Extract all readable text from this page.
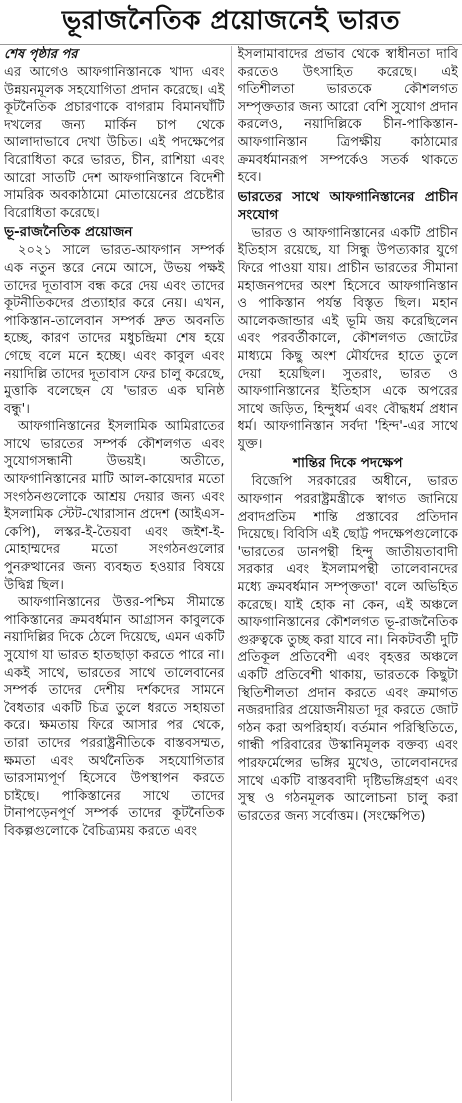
ভূরাজনৈতিক প্রয়োজনেই ভারত
শেষ পৃষ্ঠার পর

এর আগেও আফগানিস্তানকে খাদ্য এবং উন্নয়নমূলক সহযোগিতা প্রদান করেছে। এই কূটনৈতিক প্রচারণাকে বাগরাম বিমানঘাঁটি দখলের জন্য মার্কিন চাপ থেকে আলাদাভাবে দেখা উচিত। এই পদক্ষেপের বিরোধিতা করে ভারত, চীন, রাশিয়া এবং আরো সাতটি দেশ আফগানিস্তানে বিদেশী সামরিক অবকাঠামো মোতায়েনের প্রচেষ্টার বিরোধিতা করেছে।

ভূ-রাজনৈতিক প্রয়োজন

২০২১ সালে ভারত-আফগান সম্পর্ক এক নতুন স্তরে নেমে আসে, উভয় পক্ষই তাদের দূতাবাস বন্ধ করে দেয় এবং তাদের কূটনীতিকদের প্রত্যাহার করে নেয়। এখন, পাকিস্তান-তালেবান সম্পর্ক দ্রুত অবনতি হচ্ছে, কারণ তাদের মধুচন্দ্রিমা শেষ হয়ে গেছে বলে মনে হচ্ছে। এবং কাবুল এবং নয়াদিল্লি তাদের দূতাবাস ফের চালু করেছে, মুত্তাকি বলেছেন যে 'ভারত এক ঘনিষ্ঠ বন্ধু'।

আফগানিস্তানের ইসলামিক আমিরাতের সাথে ভারতের সম্পর্ক কৌশলগত এবং সুযোগসন্ধানী উভয়ই। অতীতে, আফগানিস্তানের মাটি আল-কায়েদার মতো সংগঠনগুলোকে আশ্রয় দেয়ার জন্য এবং ইসলামিক স্টেট-খোরাসান প্রদেশ (আইএস-কেপি), লস্কর-ই-তৈয়বা এবং জইশ-ই-মোহাম্মদের মতো সংগঠনগুলোর পুনরুত্থানের জন্য ব্যবহৃত হওয়ার বিষয়ে উদ্বিগ্ন ছিল।

আফগানিস্তানের উত্তর-পশ্চিম সীমান্তে পাকিস্তানের ক্রমবর্ধমান আগ্রাসন কাবুলকে নয়াদিল্লির দিকে ঠেলে দিয়েছে, এমন একটি সুযোগ যা ভারত হাতছাড়া করতে পারে না। একই সাথে, ভারতের সাথে তালেবানের সম্পর্ক তাদের দেশীয় দর্শকদের সামনে বৈধতার একটি চিত্র তুলে ধরতে সহায়তা করে। ক্ষমতায় ফিরে আসার পর থেকে, তারা তাদের পররাষ্ট্রনীতিকে বাস্তবসম্মত, ক্ষমতা এবং অর্থনৈতিক সহযোগিতার ভারসাম্যপূর্ণ হিসেবে উপস্থাপন করতে চাইছে। পাকিস্তানের সাথে তাদের টানাপড়েনপূর্ণ সম্পর্ক তাদের কূটনৈতিক বিকল্পগুলোকে বৈচিত্র্যময় করতে এবং

ইসলামাবাদের প্রভাব থেকে স্বাধীনতা দাবি করতেও উৎসাহিত করেছে। এই গতিশীলতা ভারতকে কৌশলগত সম্পৃক্ততার জন্য আরো বেশি সুযোগ প্রদান করলেও, নয়াদিল্লিকে চীন-পাকিস্তান-আফগানিস্তান ত্রিপক্ষীয় কাঠামোর ক্রমবর্ধমানরূপ সম্পর্কেও সতর্ক থাকতে হবে।

ভারতের সাথে আফগানিস্তানের প্রাচীন সংযোগ

ভারত ও আফগানিস্তানের একটি প্রাচীন ইতিহাস রয়েছে, যা সিন্ধু উপত্যকার যুগে ফিরে পাওয়া যায়। প্রাচীন ভারতের সীমানা মহাজনপদের অংশ হিসেবে আফগানিস্তান ও পাকিস্তান পর্যন্ত বিস্তৃত ছিল। মহান আলেকজান্ডার এই ভূমি জয় করেছিলেন এবং পরবর্তীকালে, কৌশলগত জোটের মাধ্যমে কিছু অংশ মৌর্যদের হাতে তুলে দেয়া হয়েছিল। সুতরাং, ভারত ও আফগানিস্তানের ইতিহাস একে অপরের সাথে জড়িত, হিন্দুধর্ম এবং বৌদ্ধধর্ম প্রধান ধর্ম। আফগানিস্তান সর্বদা 'হিন্দ'-এর সাথে যুক্ত।

শান্তির দিকে পদক্ষেপ

বিজেপি সরকারের অধীনে, ভারত আফগান পররাষ্ট্রমন্ত্রীকে স্বাগত জানিয়ে প্রবাদপ্রতিম শান্তি প্রস্তাবের প্রতিদান দিয়েছে। বিবিসি এই ছোট্ট পদক্ষেপগুলোকে 'ভারতের ডানপন্থী হিন্দু জাতীয়তাবাদী সরকার এবং ইসলামপন্থী তালেবানদের মধ্যে ক্রমবর্ধমান সম্পৃক্ততা' বলে অভিহিত করেছে। যাই হোক না কেন, এই অঞ্চলে আফগানিস্তানের কৌশলগত ভূ-রাজনৈতিক গুরুত্বকে তুচ্ছ করা যাবে না। নিকটবর্তী দুটি প্রতিকূল প্রতিবেশী এবং বৃহত্তর অঞ্চলে একটি প্রতিবেশী থাকায়, ভারতকে কিছুটা স্থিতিশীলতা প্রদান করতে এবং ক্রমাগত নজরদারির প্রয়োজনীয়তা দূর করতে জোট গঠন করা অপরিহার্য। বর্তমান পরিস্থিতিতে, গান্ধী পরিবারের উস্কানিমূলক বক্তব্য এবং পারফর্মেন্সের ভঙ্গির মুখেও, তালেবানদের সাথে একটি বাস্তববাদী দৃষ্টিভঙ্গিগ্রহণ এবং সুস্থ ও গঠনমূলক আলোচনা চালু করা ভারতের জন্য সর্বোত্তম। (সংক্ষেপিত)
